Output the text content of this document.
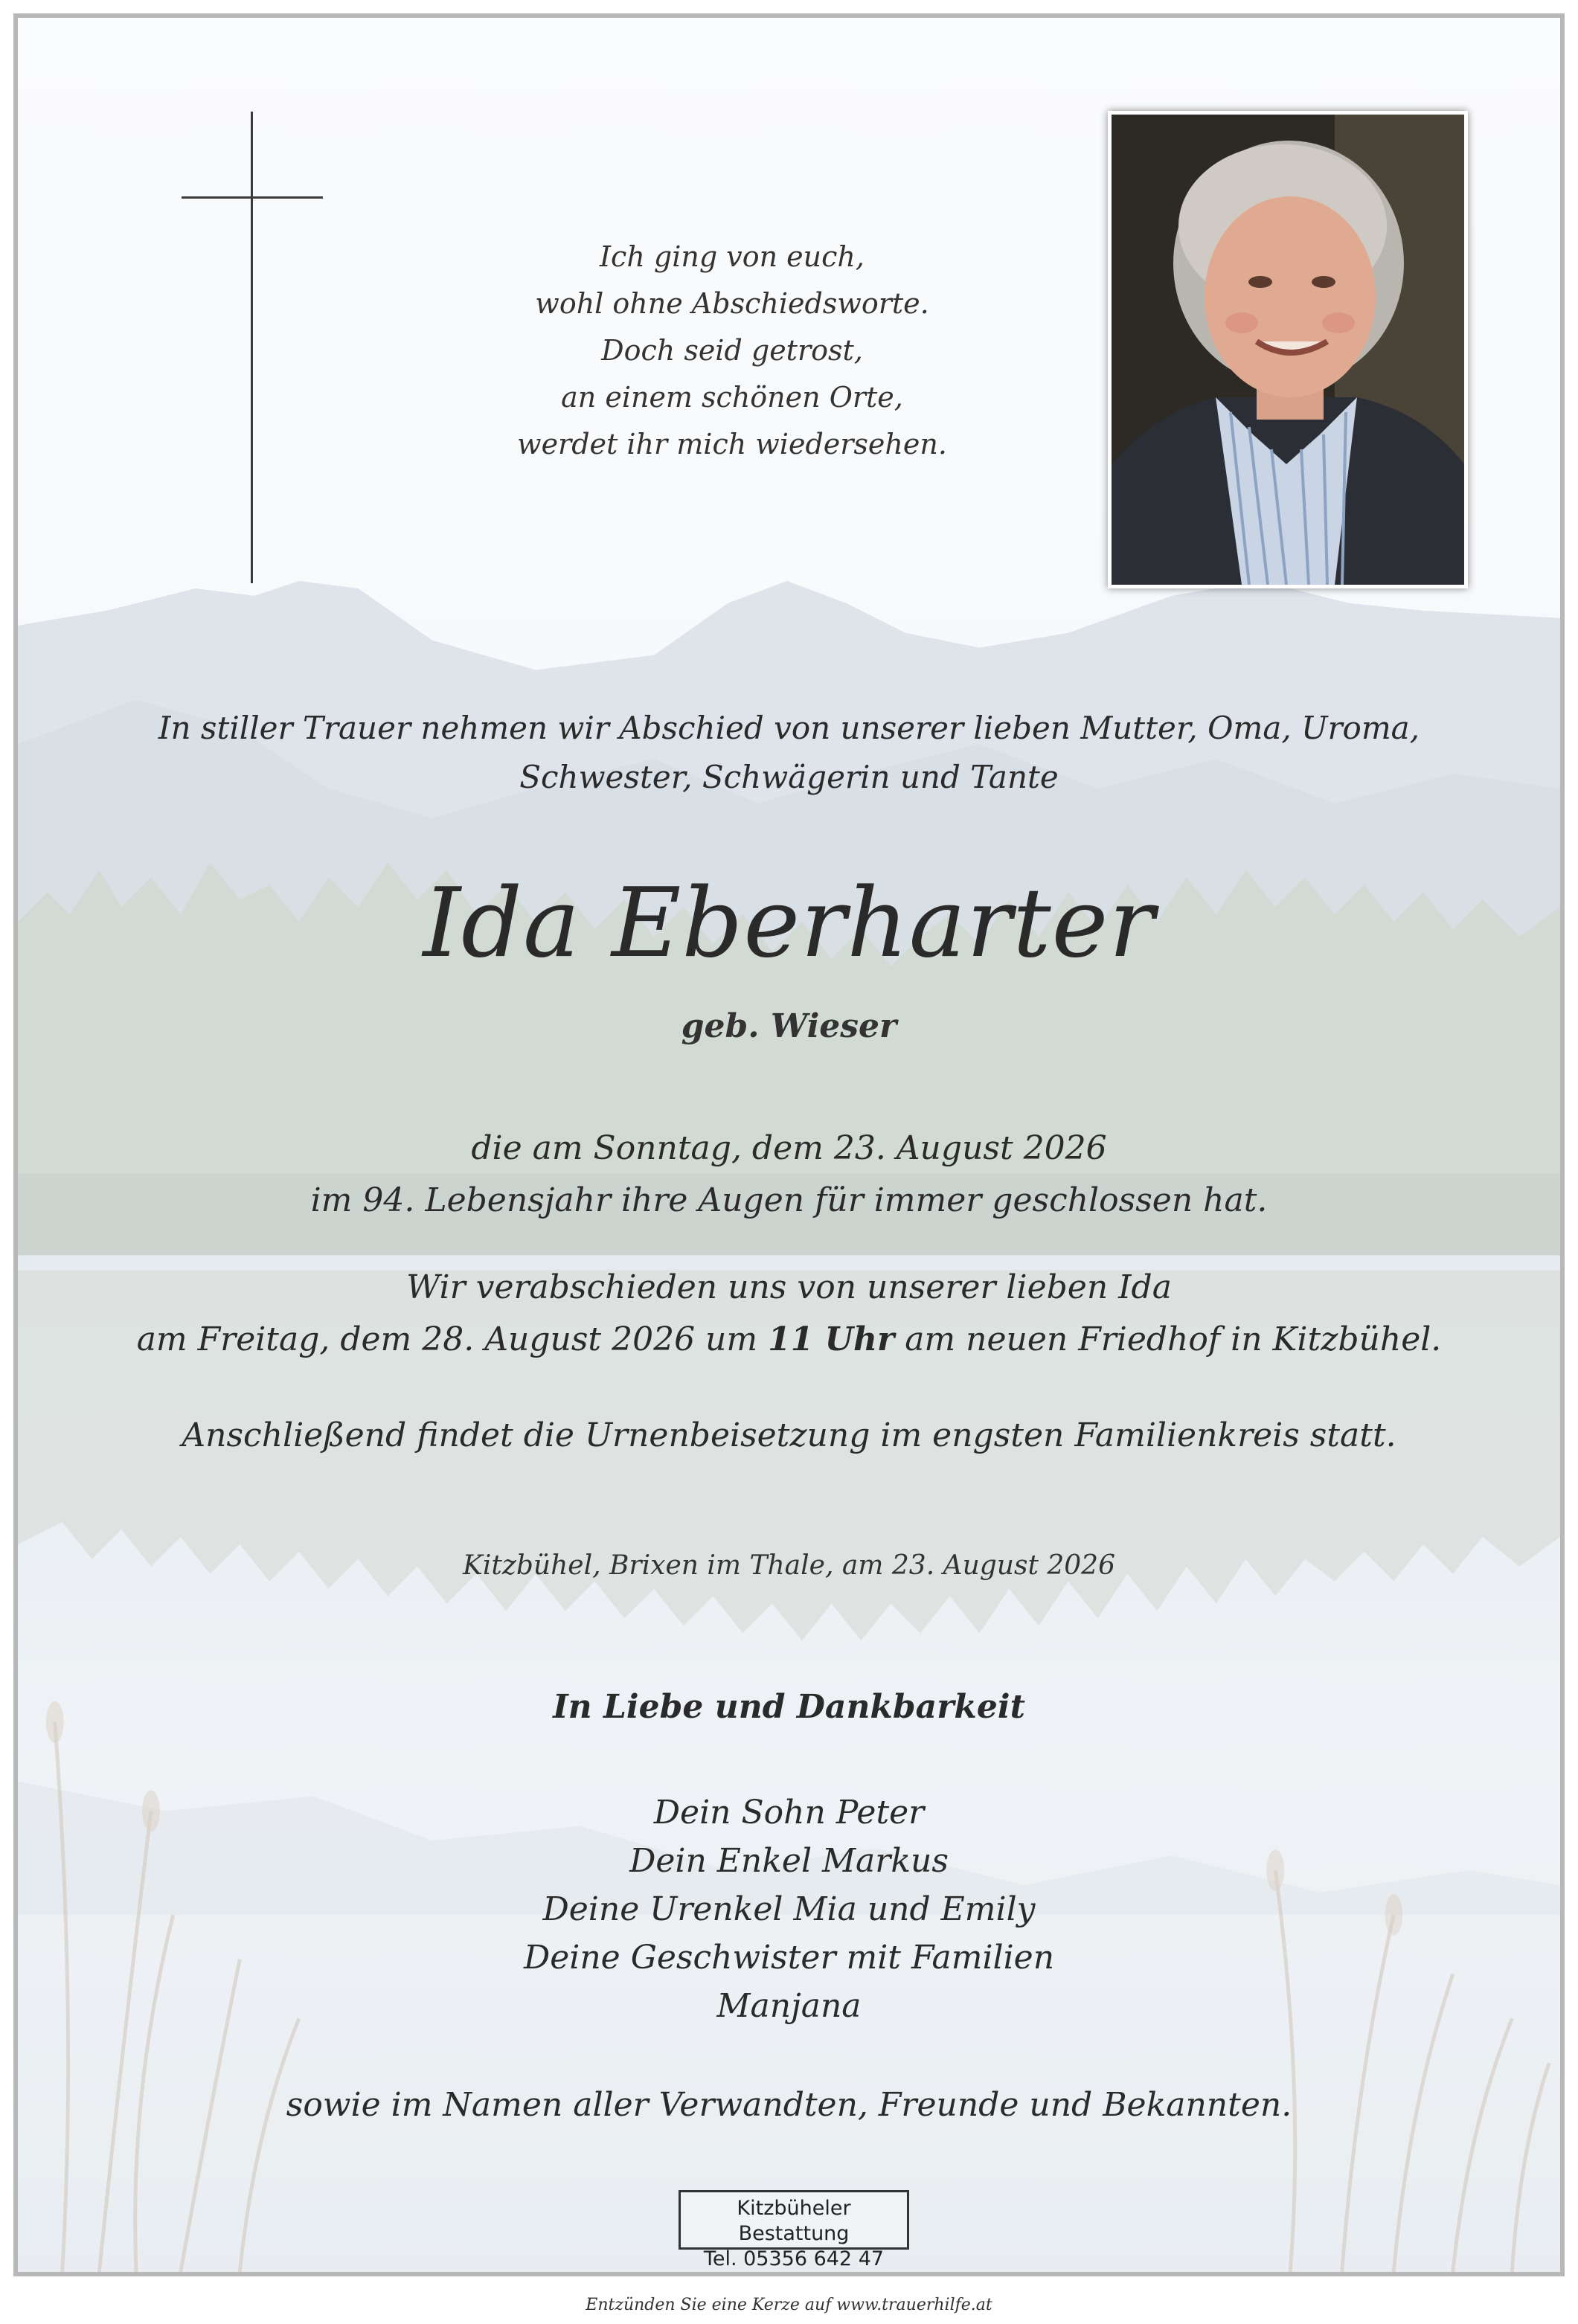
Ich ging von euch,
wohl ohne Abschiedsworte.
Doch seid getrost,
an einem schönen Orte,
werdet ihr mich wiedersehen.
In stiller Trauer nehmen wir Abschied von unserer lieben Mutter, Oma, Uroma,
Schwester, Schwägerin und Tante
Ida Eberharter
geb. Wieser
die am Sonntag, dem 23. August 2026
im 94. Lebensjahr ihre Augen für immer geschlossen hat.
Wir verabschieden uns von unserer lieben Ida
am Freitag, dem 28. August 2026 um 11 Uhr am neuen Friedhof in Kitzbühel.
Anschließend findet die Urnenbeisetzung im engsten Familienkreis statt.
Kitzbühel, Brixen im Thale, am 23. August 2026
In Liebe und Dankbarkeit
Dein Sohn Peter
Dein Enkel Markus
Deine Urenkel Mia und Emily
Deine Geschwister mit Familien
Manjana
sowie im Namen aller Verwandten, Freunde und Bekannten.
Kitzbüheler Bestattung
Tel. 05356 642 47
Entzünden Sie eine Kerze auf www.trauerhilfe.at
